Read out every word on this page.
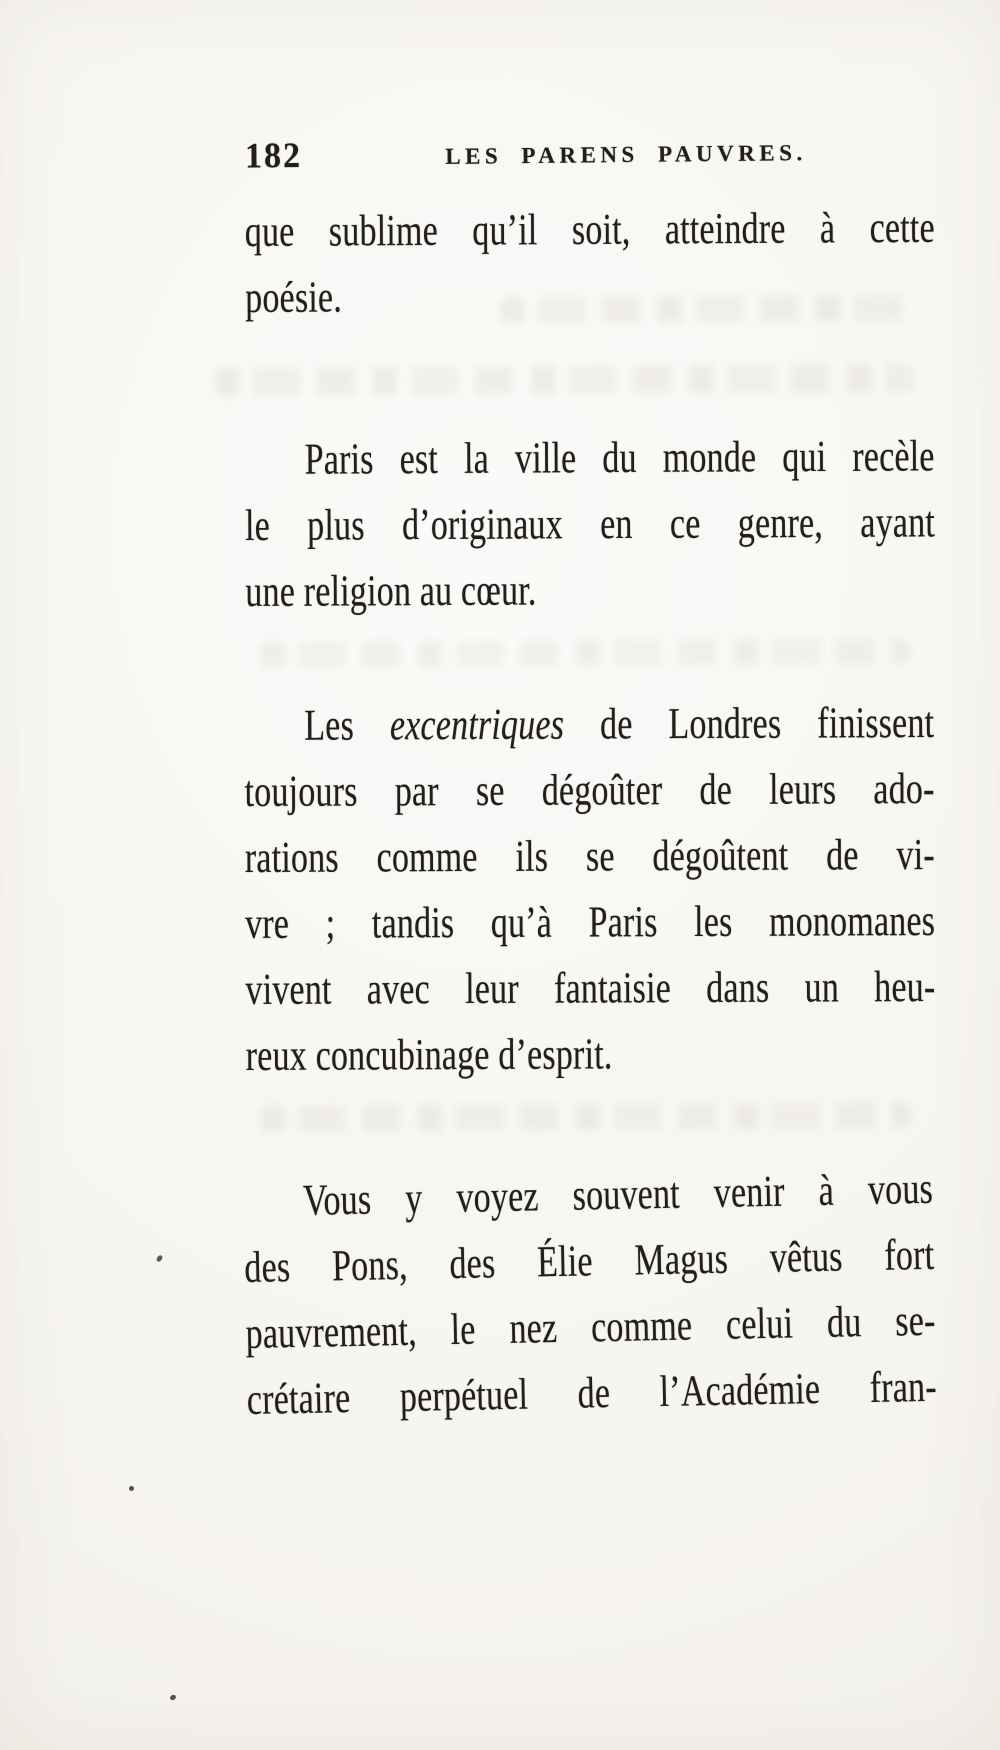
182	LES PARENS PAUVRES.
que sublime qu’il soit, atteindre à cette
poésie.
Paris est la ville du monde qui recèle
le plus d’originaux en ce genre, ayant
une religion au cœur.
Les excentriques de Londres finissent
toujours par se dégoûter de leurs ado-
rations comme ils se dégoûtent de vi-
vre ; tandis qu’à Paris les monomanes
vivent avec leur fantaisie dans un heu-
reux concubinage d’esprit.
Vous y voyez souvent venir à vous
des Pons, des Élie Magus vêtus fort
pauvrement, le nez comme celui du se-
crétaire perpétuel de l’Académie fran-
